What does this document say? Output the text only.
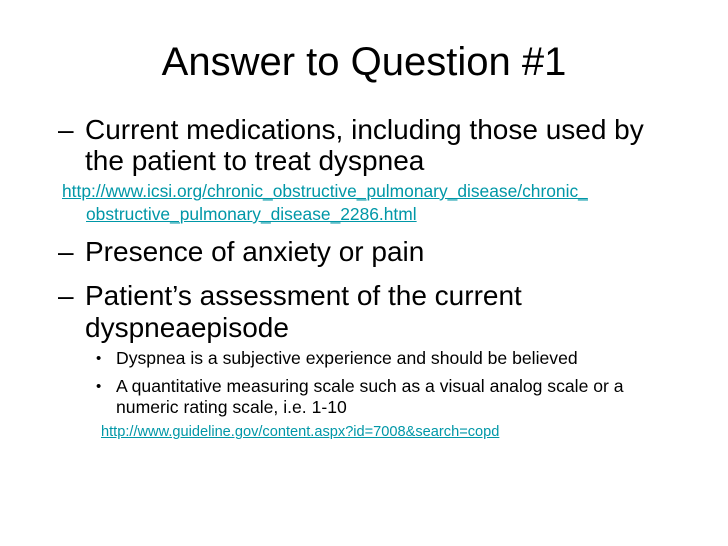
Answer to Question #1
– Current medications, including those used by
the patient to treat dyspnea
http://www.icsi.org/chronic_obstructive_pulmonary_disease/chronic_
obstructive_pulmonary_disease_2286.html
– Presence of anxiety or pain
– Patient’s assessment of the current
dyspneaepisode
• Dyspnea is a subjective experience and should be believed
• A quantitative measuring scale such as a visual analog scale or a
numeric rating scale, i.e. 1-10
http://www.guideline.gov/content.aspx?id=7008&search=copd
